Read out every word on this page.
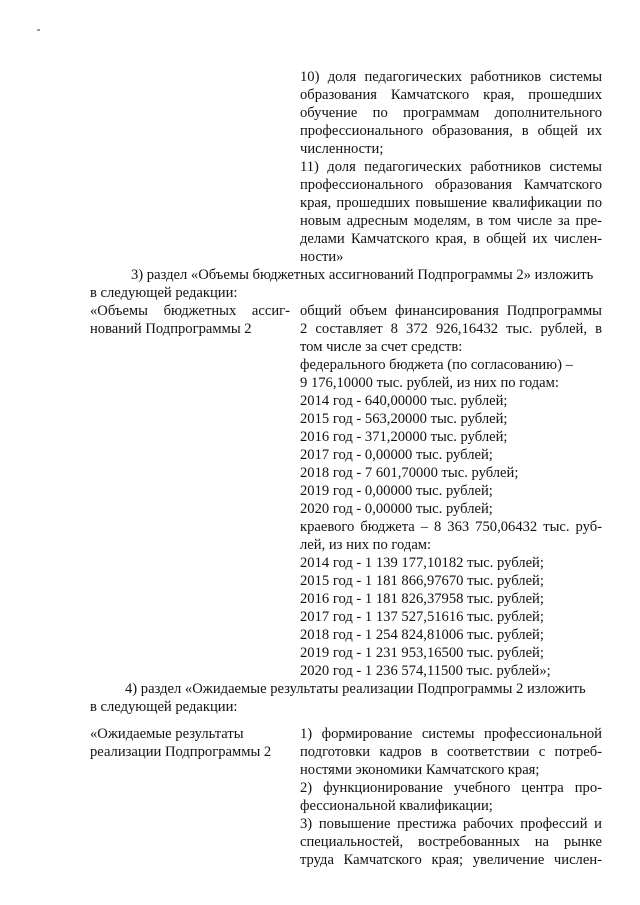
10) доля педагогических работников системы
образования Камчатского края, прошедших
обучение по программам дополнительного
профессионального образования, в общей их
численности;
11) доля педагогических работников системы
профессионального образования Камчатского
края, прошедших повышение квалификации по
новым адресным моделям, в том числе за пре-
делами Камчатского края, в общей их числен-
ности»
3) раздел «Объемы бюджетных ассигнований Подпрограммы 2» изложить
в следующей редакции:
«Объемы бюджетных ассиг-
нований Подпрограммы 2
общий объем финансирования Подпрограммы
2 составляет 8 372 926,16432 тыс. рублей, в
том числе за счет средств:
федерального бюджета (по согласованию) –
9 176,10000 тыс. рублей, из них по годам:
2014 год - 640,00000 тыс. рублей;
2015 год - 563,20000 тыс. рублей;
2016 год - 371,20000 тыс. рублей;
2017 год - 0,00000 тыс. рублей;
2018 год - 7 601,70000 тыс. рублей;
2019 год - 0,00000 тыс. рублей;
2020 год - 0,00000 тыс. рублей;
краевого бюджета – 8 363 750,06432 тыс. руб-
лей, из них по годам:
2014 год - 1 139 177,10182 тыс. рублей;
2015 год - 1 181 866,97670 тыс. рублей;
2016 год - 1 181 826,37958 тыс. рублей;
2017 год - 1 137 527,51616 тыс. рублей;
2018 год - 1 254 824,81006 тыс. рублей;
2019 год - 1 231 953,16500 тыс. рублей;
2020 год - 1 236 574,11500 тыс. рублей»;
4) раздел «Ожидаемые результаты реализации Подпрограммы 2 изложить
в следующей редакции:
«Ожидаемые результаты
реализации Подпрограммы 2
1) формирование системы профессиональной
подготовки кадров в соответствии с потреб-
ностями экономики Камчатского края;
2) функционирование учебного центра про-
фессиональной квалификации;
3) повышение престижа рабочих профессий и
специальностей, востребованных на рынке
труда Камчатского края; увеличение числен-
